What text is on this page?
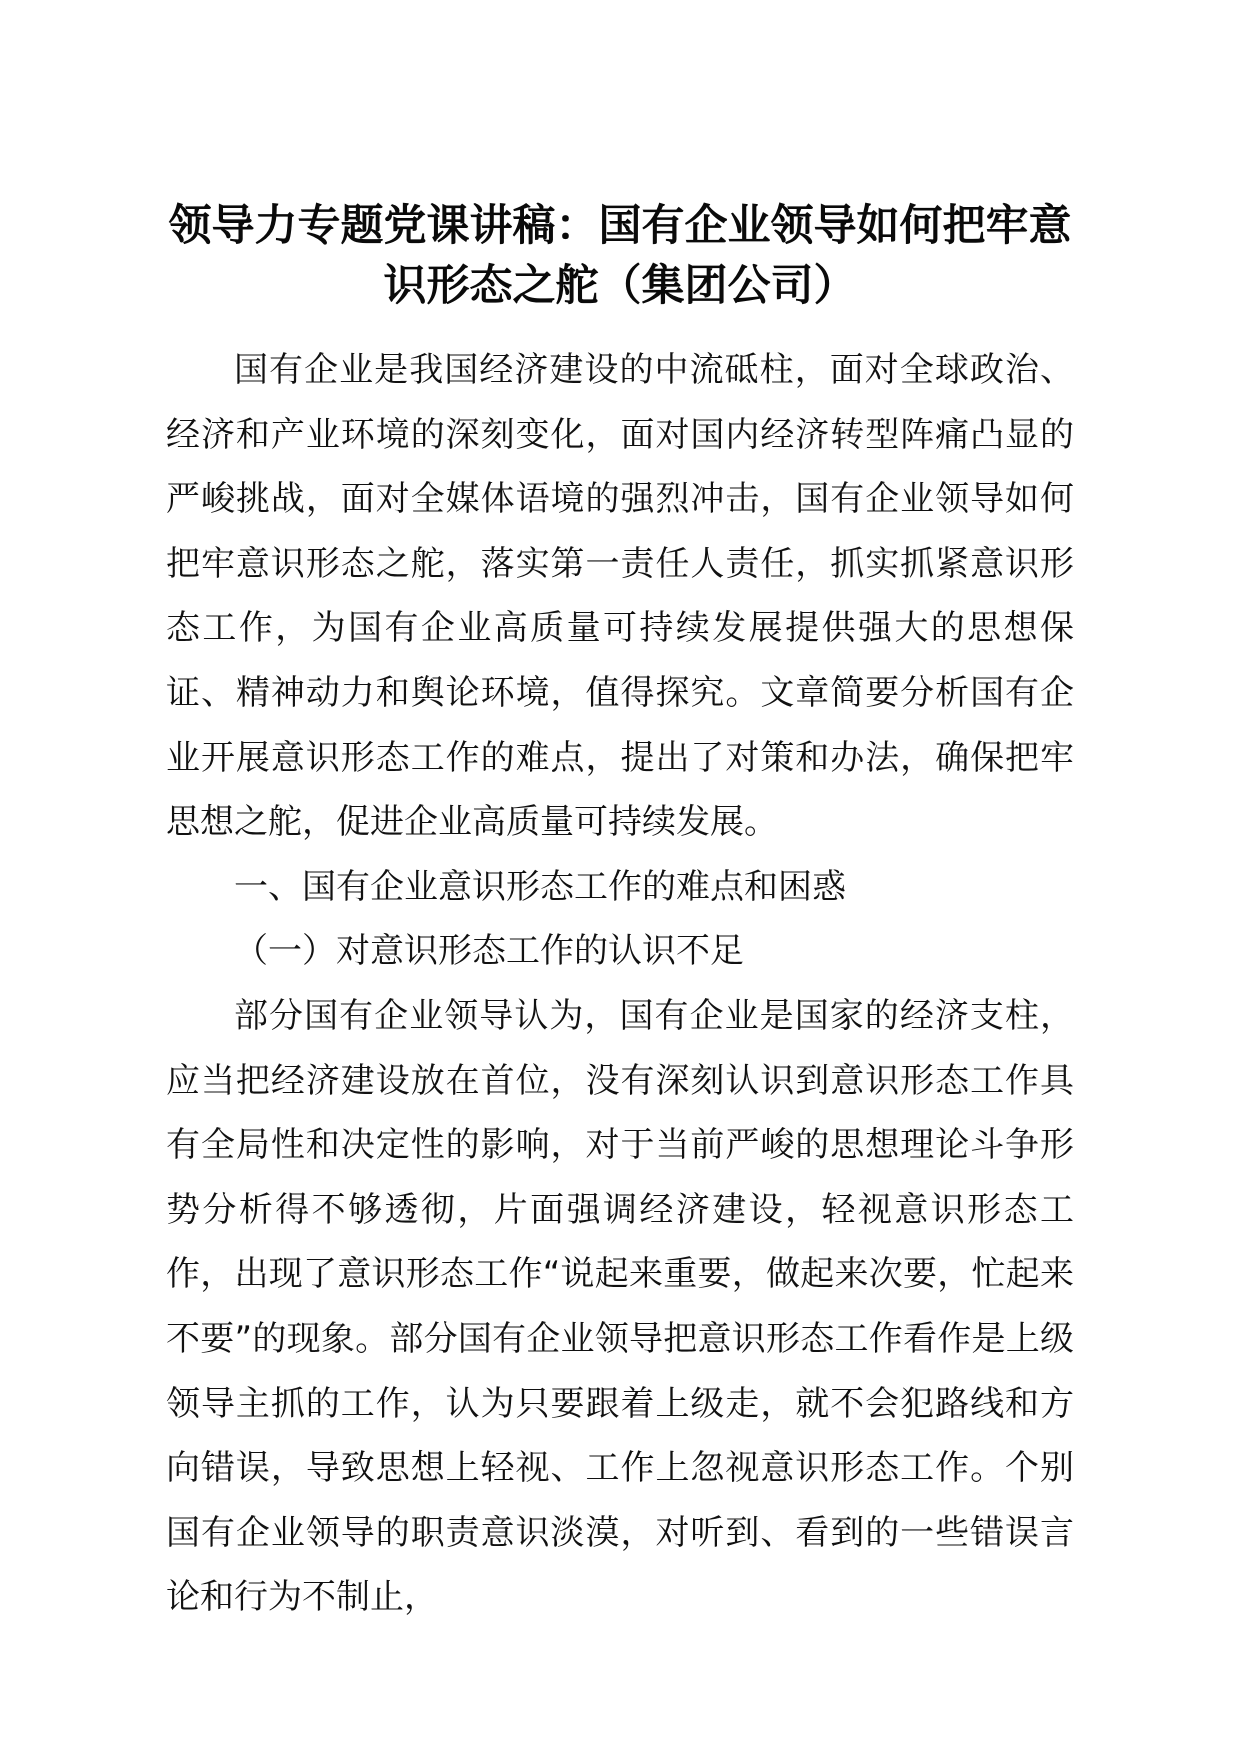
领导力专题党课讲稿：国有企业领导如何把牢意识形态之舵（集团公司）

国有企业是我国经济建设的中流砥柱，面对全球政治、经济和产业环境的深刻变化，面对国内经济转型阵痛凸显的严峻挑战，面对全媒体语境的强烈冲击，国有企业领导如何把牢意识形态之舵，落实第一责任人责任，抓实抓紧意识形态工作，为国有企业高质量可持续发展提供强大的思想保证、精神动力和舆论环境，值得探究。文章简要分析国有企业开展意识形态工作的难点，提出了对策和办法，确保把牢思想之舵，促进企业高质量可持续发展。

一、国有企业意识形态工作的难点和困惑

（一）对意识形态工作的认识不足

部分国有企业领导认为，国有企业是国家的经济支柱，应当把经济建设放在首位，没有深刻认识到意识形态工作具有全局性和决定性的影响，对于当前严峻的思想理论斗争形势分析得不够透彻，片面强调经济建设，轻视意识形态工作，出现了意识形态工作“说起来重要，做起来次要，忙起来不要”的现象。部分国有企业领导把意识形态工作看作是上级领导主抓的工作，认为只要跟着上级走，就不会犯路线和方向错误，导致思想上轻视、工作上忽视意识形态工作。个别国有企业领导的职责意识淡漠，对听到、看到的一些错误言论和行为不制止，
